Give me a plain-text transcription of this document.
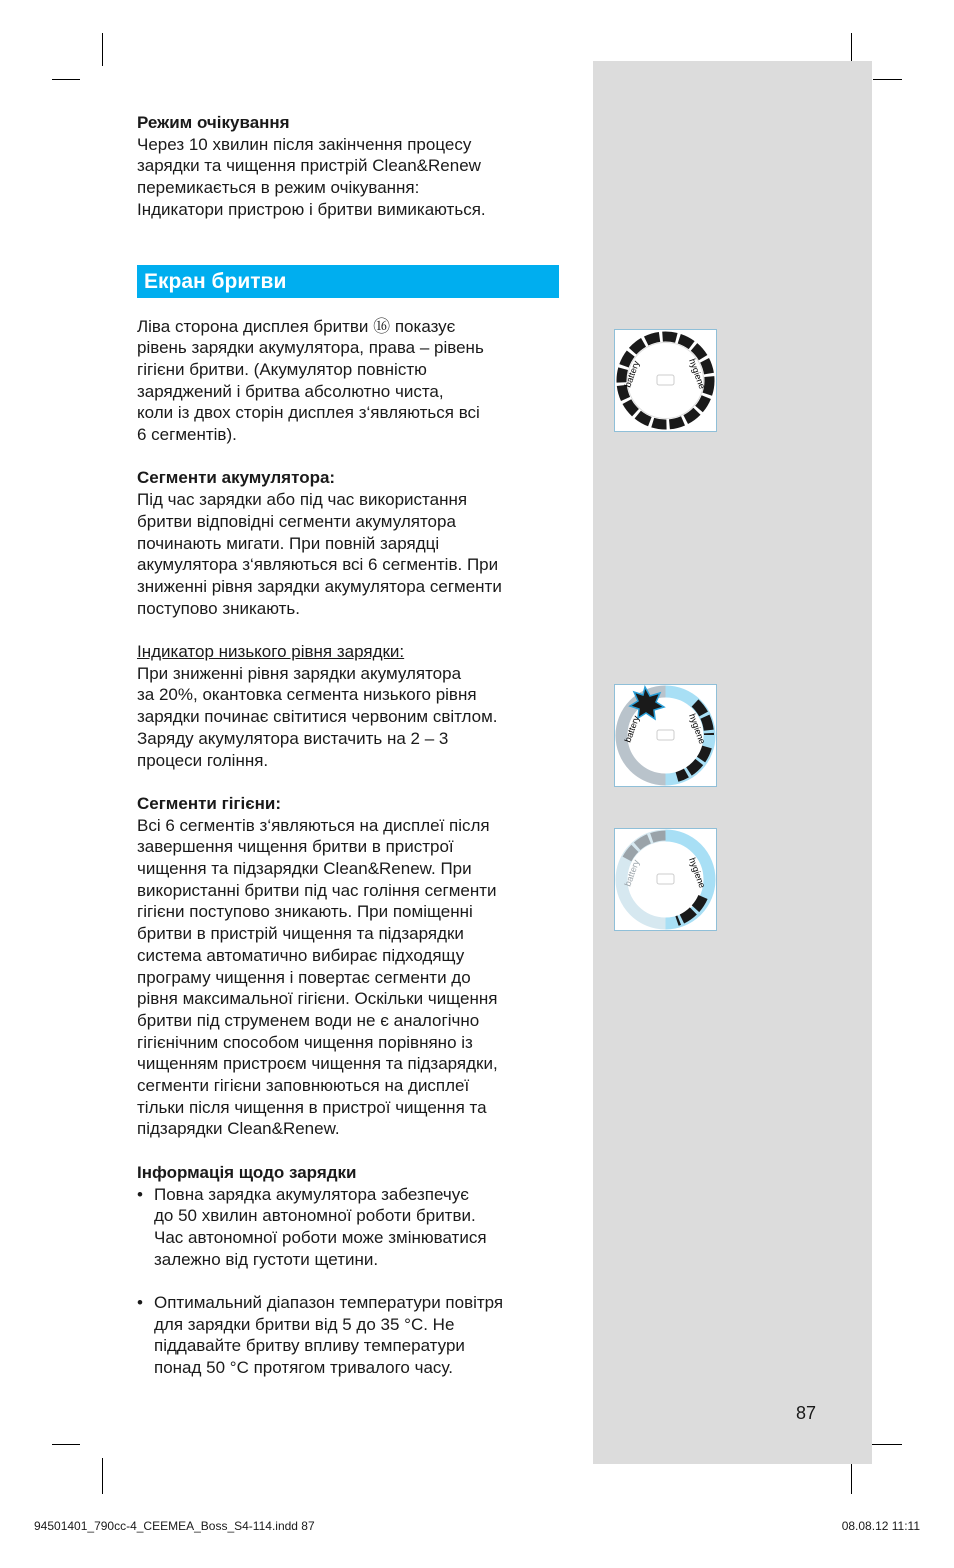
Режим очікування

Через 10 хвилин після закінчення процесу

зарядки та чищення пристрій Clean&Renew

перемикається в режим очікування:

Індикатори пристрою і бритви вимикаються.

Екран бритви

Ліва сторона дисплея бритви ⑯ показує

рівень зарядки акумулятора, права – рівень

гігієни бритви. (Акумулятор повністю

заряджений і бритва абсолютно чиста,

коли із двох сторін дисплея з‘являються всі

6 сегментів).

Сегменти акумулятора:

Під час зарядки або під час використання

бритви відповідні сегменти акумулятора

починають мигати. При повній зарядці

акумулятора з‘являються всі 6 сегментів. При

зниженні рівня зарядки акумулятора сегменти

поступово зникають.

Індикатор низького рівня зарядки:

При зниженні рівня зарядки акумулятора

за 20%, окантовка сегмента низького рівня

зарядки починає світитися червоним світлом.

Заряду акумулятора вистачить на 2 – 3

процеси гоління.

Сегменти гігієни:

Всі 6 сегментів з‘являються на дисплеї після

завершення чищення бритви в пристрої

чищення та підзарядки Clean&Renew. При

використанні бритви під час гоління сегменти

гігієни поступово зникають. При поміщенні

бритви в пристрій чищення та підзарядки

система автоматично вибирає підходящу

програму чищення і повертає сегменти до

рівня максимальної гігієни. Оскільки чищення

бритви під струменем води не є аналогічно

гігієнічним способом чищення порівняно із

чищенням пристроєм чищення та підзарядки,

сегменти гігієни заповнюються на дисплеї

тільки після чищення в пристрої чищення та

підзарядки Clean&Renew.

Інформація щодо зарядки

• Повна зарядка акумулятора забезпечує

до 50 хвилин автономної роботи бритви.

Час автономної роботи може змінюватися

залежно від густоти щетини.

• Оптимальний діапазон температури повітря

для зарядки бритви від 5 до 35 °C. Не

піддавайте бритву впливу температури

понад 50 °C протягом тривалого часу.

battery	hygiene
battery	hygiene
battery	hygiene
87
94501401_790cc-4_CEEMEA_Boss_S4-114.indd 87	08.08.12 11:11
